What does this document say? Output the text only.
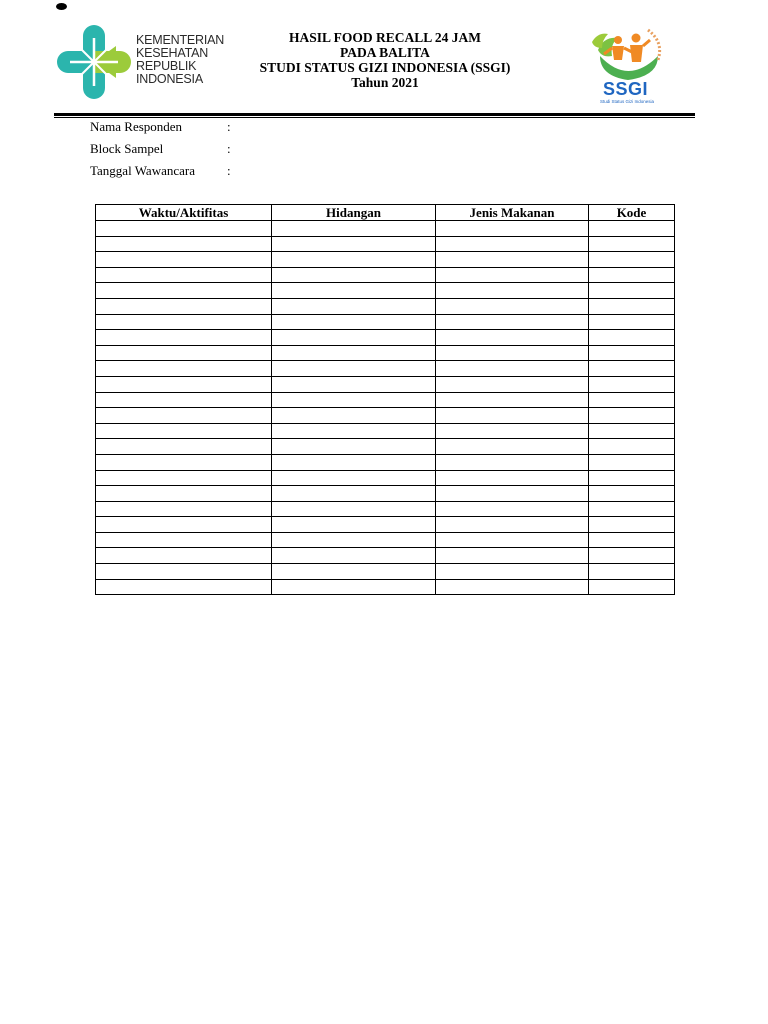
KEMENTERIAN
KESEHATAN
REPUBLIK
INDONESIA
HASIL FOOD RECALL 24 JAM
PADA BALITA
STUDI STATUS GIZI INDONESIA (SSGI)
Tahun 2021	SSGI
Studi Status Gizi Indonesia
Nama Responden	:
Block Sampel	:
Tanggal Wawancara :
Waktu/Aktifitas	Hidangan	Jenis Makanan	Kode
